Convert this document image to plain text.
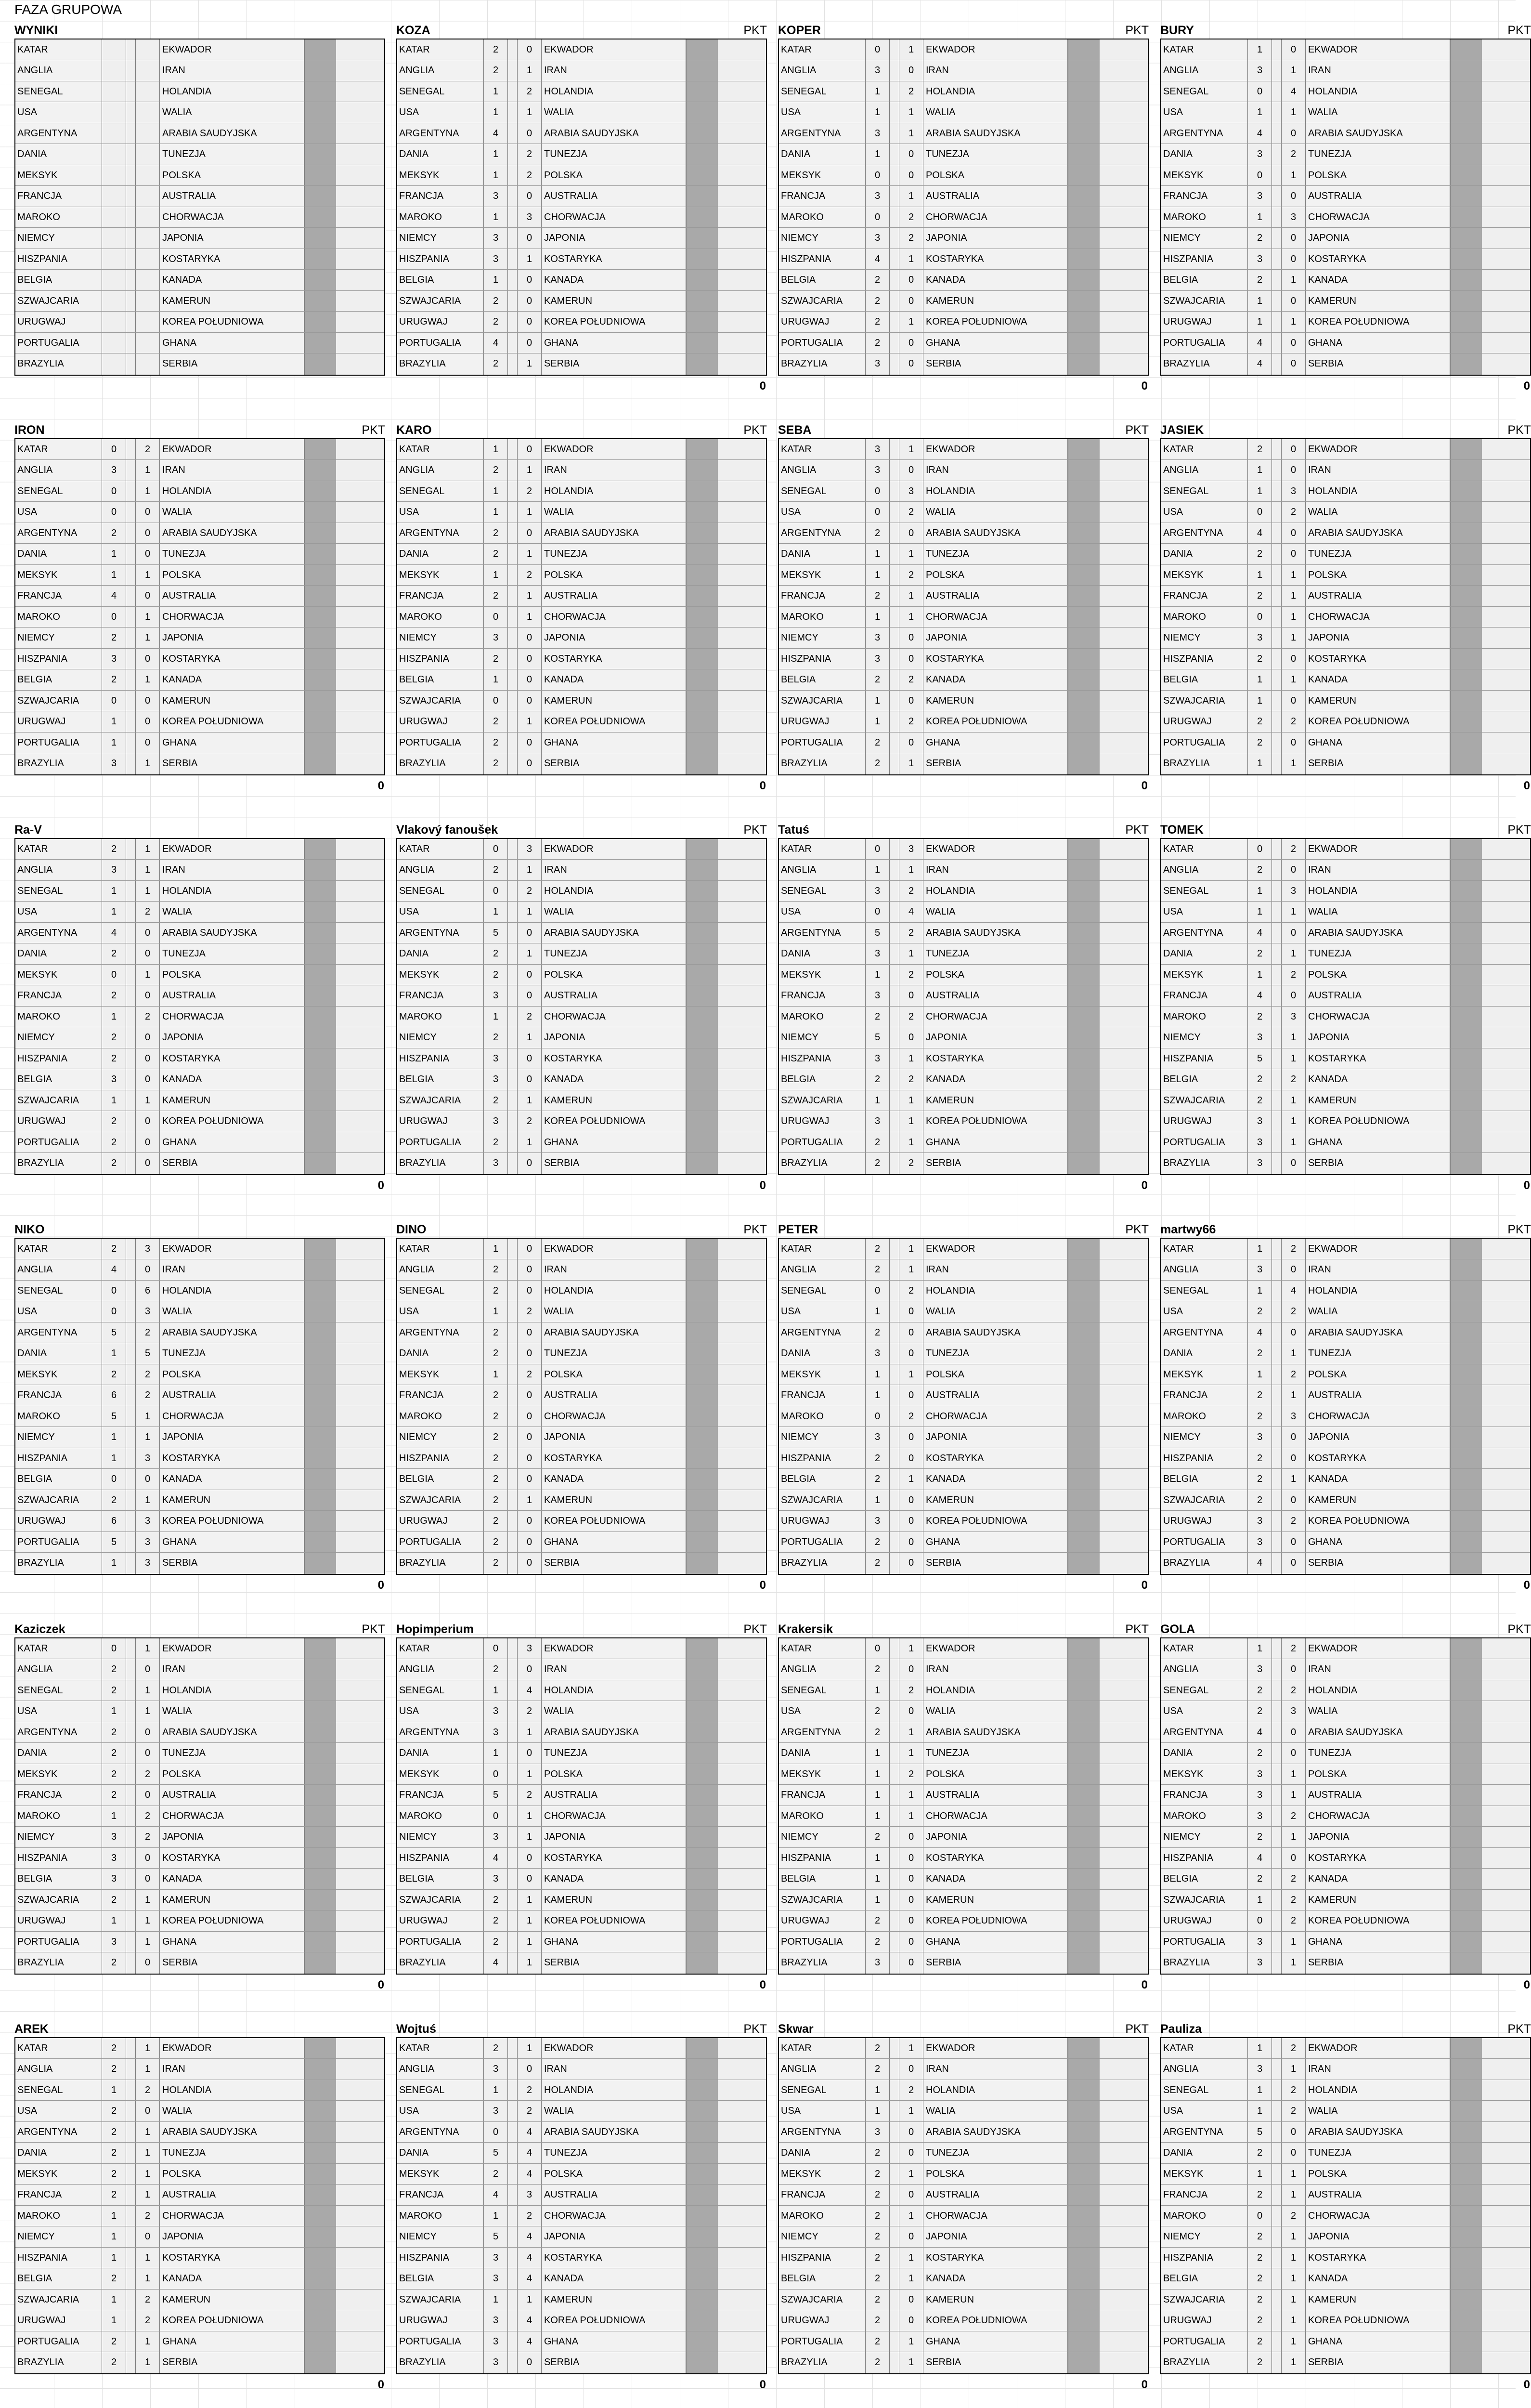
FAZA GRUPOWA
WYNIKI
KATAR	EKWADOR
ANGLIA	IRAN
SENEGAL	HOLANDIA
USA	WALIA
ARGENTYNA	ARABIA SAUDYJSKA
DANIA	TUNEZJA
MEKSYK	POLSKA
FRANCJA	AUSTRALIA
MAROKO	CHORWACJA
NIEMCY	JAPONIA
HISZPANIA	KOSTARYKA
BELGIA	KANADA
SZWAJCARIA	KAMERUN
URUGWAJ	KOREA POŁUDNIOWA
PORTUGALIA	GHANA
BRAZYLIA	SERBIA
KOZA	PKT
KATAR	2	0	EKWADOR
ANGLIA	2	1	IRAN
SENEGAL	1	2	HOLANDIA
USA	1	1	WALIA
ARGENTYNA	4	0	ARABIA SAUDYJSKA
DANIA	1	2	TUNEZJA
MEKSYK	1	2	POLSKA
FRANCJA	3	0	AUSTRALIA
MAROKO	1	3	CHORWACJA
NIEMCY	3	0	JAPONIA
HISZPANIA	3	1	KOSTARYKA
BELGIA	1	0	KANADA
SZWAJCARIA	2	0	KAMERUN
URUGWAJ	2	0	KOREA POŁUDNIOWA
PORTUGALIA	4	0	GHANA
BRAZYLIA	2	1	SERBIA
0
KOPER	PKT
KATAR	0	1	EKWADOR
ANGLIA	3	0	IRAN
SENEGAL	1	2	HOLANDIA
USA	1	1	WALIA
ARGENTYNA	3	1	ARABIA SAUDYJSKA
DANIA	1	0	TUNEZJA
MEKSYK	0	0	POLSKA
FRANCJA	3	1	AUSTRALIA
MAROKO	0	2	CHORWACJA
NIEMCY	3	2	JAPONIA
HISZPANIA	4	1	KOSTARYKA
BELGIA	2	0	KANADA
SZWAJCARIA	2	0	KAMERUN
URUGWAJ	2	1	KOREA POŁUDNIOWA
PORTUGALIA	2	0	GHANA
BRAZYLIA	3	0	SERBIA
0
BURY	PKT
KATAR	1	0	EKWADOR
ANGLIA	3	1	IRAN
SENEGAL	0	4	HOLANDIA
USA	1	1	WALIA
ARGENTYNA	4	0	ARABIA SAUDYJSKA
DANIA	3	2	TUNEZJA
MEKSYK	0	1	POLSKA
FRANCJA	3	0	AUSTRALIA
MAROKO	1	3	CHORWACJA
NIEMCY	2	0	JAPONIA
HISZPANIA	3	0	KOSTARYKA
BELGIA	2	1	KANADA
SZWAJCARIA	1	0	KAMERUN
URUGWAJ	1	1	KOREA POŁUDNIOWA
PORTUGALIA	4	0	GHANA
BRAZYLIA	4	0	SERBIA
0
IRON	PKT
KATAR	0	2	EKWADOR
ANGLIA	3	1	IRAN
SENEGAL	0	1	HOLANDIA
USA	0	0	WALIA
ARGENTYNA	2	0	ARABIA SAUDYJSKA
DANIA	1	0	TUNEZJA
MEKSYK	1	1	POLSKA
FRANCJA	4	0	AUSTRALIA
MAROKO	0	1	CHORWACJA
NIEMCY	2	1	JAPONIA
HISZPANIA	3	0	KOSTARYKA
BELGIA	2	1	KANADA
SZWAJCARIA	0	0	KAMERUN
URUGWAJ	1	0	KOREA POŁUDNIOWA
PORTUGALIA	1	0	GHANA
BRAZYLIA	3	1	SERBIA
0
KARO	PKT
KATAR	1	0	EKWADOR
ANGLIA	2	1	IRAN
SENEGAL	1	2	HOLANDIA
USA	1	1	WALIA
ARGENTYNA	2	0	ARABIA SAUDYJSKA
DANIA	2	1	TUNEZJA
MEKSYK	1	2	POLSKA
FRANCJA	2	1	AUSTRALIA
MAROKO	0	1	CHORWACJA
NIEMCY	3	0	JAPONIA
HISZPANIA	2	0	KOSTARYKA
BELGIA	1	0	KANADA
SZWAJCARIA	0	0	KAMERUN
URUGWAJ	2	1	KOREA POŁUDNIOWA
PORTUGALIA	2	0	GHANA
BRAZYLIA	2	0	SERBIA
0
SEBA	PKT
KATAR	3	1	EKWADOR
ANGLIA	3	0	IRAN
SENEGAL	0	3	HOLANDIA
USA	0	2	WALIA
ARGENTYNA	2	0	ARABIA SAUDYJSKA
DANIA	1	1	TUNEZJA
MEKSYK	1	2	POLSKA
FRANCJA	2	1	AUSTRALIA
MAROKO	1	1	CHORWACJA
NIEMCY	3	0	JAPONIA
HISZPANIA	3	0	KOSTARYKA
BELGIA	2	2	KANADA
SZWAJCARIA	1	0	KAMERUN
URUGWAJ	1	2	KOREA POŁUDNIOWA
PORTUGALIA	2	0	GHANA
BRAZYLIA	2	1	SERBIA
0
JASIEK	PKT
KATAR	2	0	EKWADOR
ANGLIA	1	0	IRAN
SENEGAL	1	3	HOLANDIA
USA	0	2	WALIA
ARGENTYNA	4	0	ARABIA SAUDYJSKA
DANIA	2	0	TUNEZJA
MEKSYK	1	1	POLSKA
FRANCJA	2	1	AUSTRALIA
MAROKO	0	1	CHORWACJA
NIEMCY	3	1	JAPONIA
HISZPANIA	2	0	KOSTARYKA
BELGIA	1	1	KANADA
SZWAJCARIA	1	0	KAMERUN
URUGWAJ	2	2	KOREA POŁUDNIOWA
PORTUGALIA	2	0	GHANA
BRAZYLIA	1	1	SERBIA
0
Ra-V
KATAR	2	1	EKWADOR
ANGLIA	3	1	IRAN
SENEGAL	1	1	HOLANDIA
USA	1	2	WALIA
ARGENTYNA	4	0	ARABIA SAUDYJSKA
DANIA	2	0	TUNEZJA
MEKSYK	0	1	POLSKA
FRANCJA	2	0	AUSTRALIA
MAROKO	1	2	CHORWACJA
NIEMCY	2	0	JAPONIA
HISZPANIA	2	0	KOSTARYKA
BELGIA	3	0	KANADA
SZWAJCARIA	1	1	KAMERUN
URUGWAJ	2	0	KOREA POŁUDNIOWA
PORTUGALIA	2	0	GHANA
BRAZYLIA	2	0	SERBIA
0
Vlakový fanoušek	PKT
KATAR	0	3	EKWADOR
ANGLIA	2	1	IRAN
SENEGAL	0	2	HOLANDIA
USA	1	1	WALIA
ARGENTYNA	5	0	ARABIA SAUDYJSKA
DANIA	2	1	TUNEZJA
MEKSYK	2	0	POLSKA
FRANCJA	3	0	AUSTRALIA
MAROKO	1	2	CHORWACJA
NIEMCY	2	1	JAPONIA
HISZPANIA	3	0	KOSTARYKA
BELGIA	3	0	KANADA
SZWAJCARIA	2	1	KAMERUN
URUGWAJ	3	2	KOREA POŁUDNIOWA
PORTUGALIA	2	1	GHANA
BRAZYLIA	3	0	SERBIA
0
Tatuś	PKT
KATAR	0	3	EKWADOR
ANGLIA	1	1	IRAN
SENEGAL	3	2	HOLANDIA
USA	0	4	WALIA
ARGENTYNA	5	2	ARABIA SAUDYJSKA
DANIA	3	1	TUNEZJA
MEKSYK	1	2	POLSKA
FRANCJA	3	0	AUSTRALIA
MAROKO	2	2	CHORWACJA
NIEMCY	5	0	JAPONIA
HISZPANIA	3	1	KOSTARYKA
BELGIA	2	2	KANADA
SZWAJCARIA	1	1	KAMERUN
URUGWAJ	3	1	KOREA POŁUDNIOWA
PORTUGALIA	2	1	GHANA
BRAZYLIA	2	2	SERBIA
0
TOMEK	PKT
KATAR	0	2	EKWADOR
ANGLIA	2	0	IRAN
SENEGAL	1	3	HOLANDIA
USA	1	1	WALIA
ARGENTYNA	4	0	ARABIA SAUDYJSKA
DANIA	2	1	TUNEZJA
MEKSYK	1	2	POLSKA
FRANCJA	4	0	AUSTRALIA
MAROKO	2	3	CHORWACJA
NIEMCY	3	1	JAPONIA
HISZPANIA	5	1	KOSTARYKA
BELGIA	2	2	KANADA
SZWAJCARIA	2	1	KAMERUN
URUGWAJ	3	1	KOREA POŁUDNIOWA
PORTUGALIA	3	1	GHANA
BRAZYLIA	3	0	SERBIA
0
NIKO
KATAR	2	3	EKWADOR
ANGLIA	4	0	IRAN
SENEGAL	0	6	HOLANDIA
USA	0	3	WALIA
ARGENTYNA	5	2	ARABIA SAUDYJSKA
DANIA	1	5	TUNEZJA
MEKSYK	2	2	POLSKA
FRANCJA	6	2	AUSTRALIA
MAROKO	5	1	CHORWACJA
NIEMCY	1	1	JAPONIA
HISZPANIA	1	3	KOSTARYKA
BELGIA	0	0	KANADA
SZWAJCARIA	2	1	KAMERUN
URUGWAJ	6	3	KOREA POŁUDNIOWA
PORTUGALIA	5	3	GHANA
BRAZYLIA	1	3	SERBIA
0
DINO	PKT
KATAR	1	0	EKWADOR
ANGLIA	2	0	IRAN
SENEGAL	2	0	HOLANDIA
USA	1	2	WALIA
ARGENTYNA	2	0	ARABIA SAUDYJSKA
DANIA	2	0	TUNEZJA
MEKSYK	1	2	POLSKA
FRANCJA	2	0	AUSTRALIA
MAROKO	2	0	CHORWACJA
NIEMCY	2	0	JAPONIA
HISZPANIA	2	0	KOSTARYKA
BELGIA	2	0	KANADA
SZWAJCARIA	2	1	KAMERUN
URUGWAJ	2	0	KOREA POŁUDNIOWA
PORTUGALIA	2	0	GHANA
BRAZYLIA	2	0	SERBIA
0
PETER	PKT
KATAR	2	1	EKWADOR
ANGLIA	2	1	IRAN
SENEGAL	0	2	HOLANDIA
USA	1	0	WALIA
ARGENTYNA	2	0	ARABIA SAUDYJSKA
DANIA	3	0	TUNEZJA
MEKSYK	1	1	POLSKA
FRANCJA	1	0	AUSTRALIA
MAROKO	0	2	CHORWACJA
NIEMCY	3	0	JAPONIA
HISZPANIA	2	0	KOSTARYKA
BELGIA	2	1	KANADA
SZWAJCARIA	1	0	KAMERUN
URUGWAJ	3	0	KOREA POŁUDNIOWA
PORTUGALIA	2	0	GHANA
BRAZYLIA	2	0	SERBIA
0
martwy66	PKT
KATAR	1	2	EKWADOR
ANGLIA	3	0	IRAN
SENEGAL	1	4	HOLANDIA
USA	2	2	WALIA
ARGENTYNA	4	0	ARABIA SAUDYJSKA
DANIA	2	1	TUNEZJA
MEKSYK	1	2	POLSKA
FRANCJA	2	1	AUSTRALIA
MAROKO	2	3	CHORWACJA
NIEMCY	3	0	JAPONIA
HISZPANIA	2	0	KOSTARYKA
BELGIA	2	1	KANADA
SZWAJCARIA	2	0	KAMERUN
URUGWAJ	3	2	KOREA POŁUDNIOWA
PORTUGALIA	3	0	GHANA
BRAZYLIA	4	0	SERBIA
0
Kaziczek	PKT
KATAR	0	1	EKWADOR
ANGLIA	2	0	IRAN
SENEGAL	2	1	HOLANDIA
USA	1	1	WALIA
ARGENTYNA	2	0	ARABIA SAUDYJSKA
DANIA	2	0	TUNEZJA
MEKSYK	2	2	POLSKA
FRANCJA	2	0	AUSTRALIA
MAROKO	1	2	CHORWACJA
NIEMCY	3	2	JAPONIA
HISZPANIA	3	0	KOSTARYKA
BELGIA	3	0	KANADA
SZWAJCARIA	2	1	KAMERUN
URUGWAJ	1	1	KOREA POŁUDNIOWA
PORTUGALIA	3	1	GHANA
BRAZYLIA	2	0	SERBIA
0
Hopimperium	PKT
KATAR	0	3	EKWADOR
ANGLIA	2	0	IRAN
SENEGAL	1	4	HOLANDIA
USA	3	2	WALIA
ARGENTYNA	3	1	ARABIA SAUDYJSKA
DANIA	1	0	TUNEZJA
MEKSYK	0	1	POLSKA
FRANCJA	5	2	AUSTRALIA
MAROKO	0	1	CHORWACJA
NIEMCY	3	1	JAPONIA
HISZPANIA	4	0	KOSTARYKA
BELGIA	3	0	KANADA
SZWAJCARIA	2	1	KAMERUN
URUGWAJ	2	1	KOREA POŁUDNIOWA
PORTUGALIA	2	1	GHANA
BRAZYLIA	4	1	SERBIA
0
Krakersik	PKT
KATAR	0	1	EKWADOR
ANGLIA	2	0	IRAN
SENEGAL	1	2	HOLANDIA
USA	2	0	WALIA
ARGENTYNA	2	1	ARABIA SAUDYJSKA
DANIA	1	1	TUNEZJA
MEKSYK	1	2	POLSKA
FRANCJA	1	1	AUSTRALIA
MAROKO	1	1	CHORWACJA
NIEMCY	2	0	JAPONIA
HISZPANIA	1	0	KOSTARYKA
BELGIA	1	0	KANADA
SZWAJCARIA	1	0	KAMERUN
URUGWAJ	2	0	KOREA POŁUDNIOWA
PORTUGALIA	2	0	GHANA
BRAZYLIA	3	0	SERBIA
0
GOLA	PKT
KATAR	1	2	EKWADOR
ANGLIA	3	0	IRAN
SENEGAL	2	2	HOLANDIA
USA	2	3	WALIA
ARGENTYNA	4	0	ARABIA SAUDYJSKA
DANIA	2	0	TUNEZJA
MEKSYK	3	1	POLSKA
FRANCJA	3	1	AUSTRALIA
MAROKO	3	2	CHORWACJA
NIEMCY	2	1	JAPONIA
HISZPANIA	4	0	KOSTARYKA
BELGIA	2	2	KANADA
SZWAJCARIA	1	2	KAMERUN
URUGWAJ	0	2	KOREA POŁUDNIOWA
PORTUGALIA	3	1	GHANA
BRAZYLIA	3	1	SERBIA
0
AREK
KATAR	2	1	EKWADOR
ANGLIA	2	1	IRAN
SENEGAL	1	2	HOLANDIA
USA	2	0	WALIA
ARGENTYNA	2	1	ARABIA SAUDYJSKA
DANIA	2	1	TUNEZJA
MEKSYK	2	1	POLSKA
FRANCJA	2	1	AUSTRALIA
MAROKO	1	2	CHORWACJA
NIEMCY	1	0	JAPONIA
HISZPANIA	1	1	KOSTARYKA
BELGIA	2	1	KANADA
SZWAJCARIA	1	2	KAMERUN
URUGWAJ	1	2	KOREA POŁUDNIOWA
PORTUGALIA	2	1	GHANA
BRAZYLIA	2	1	SERBIA
0
Wojtuś	PKT
KATAR	2	1	EKWADOR
ANGLIA	3	0	IRAN
SENEGAL	1	2	HOLANDIA
USA	3	2	WALIA
ARGENTYNA	0	4	ARABIA SAUDYJSKA
DANIA	5	4	TUNEZJA
MEKSYK	2	4	POLSKA
FRANCJA	4	3	AUSTRALIA
MAROKO	1	2	CHORWACJA
NIEMCY	5	4	JAPONIA
HISZPANIA	3	4	KOSTARYKA
BELGIA	3	4	KANADA
SZWAJCARIA	1	1	KAMERUN
URUGWAJ	3	4	KOREA POŁUDNIOWA
PORTUGALIA	3	4	GHANA
BRAZYLIA	3	0	SERBIA
0
Skwar	PKT
KATAR	2	1	EKWADOR
ANGLIA	2	0	IRAN
SENEGAL	1	2	HOLANDIA
USA	1	1	WALIA
ARGENTYNA	3	0	ARABIA SAUDYJSKA
DANIA	2	0	TUNEZJA
MEKSYK	2	1	POLSKA
FRANCJA	2	0	AUSTRALIA
MAROKO	2	1	CHORWACJA
NIEMCY	2	0	JAPONIA
HISZPANIA	2	1	KOSTARYKA
BELGIA	2	1	KANADA
SZWAJCARIA	2	0	KAMERUN
URUGWAJ	2	0	KOREA POŁUDNIOWA
PORTUGALIA	2	1	GHANA
BRAZYLIA	2	1	SERBIA
0
Pauliza	PKT
KATAR	1	2	EKWADOR
ANGLIA	3	1	IRAN
SENEGAL	1	2	HOLANDIA
USA	1	2	WALIA
ARGENTYNA	5	0	ARABIA SAUDYJSKA
DANIA	2	0	TUNEZJA
MEKSYK	1	1	POLSKA
FRANCJA	2	1	AUSTRALIA
MAROKO	0	2	CHORWACJA
NIEMCY	2	1	JAPONIA
HISZPANIA	2	1	KOSTARYKA
BELGIA	2	1	KANADA
SZWAJCARIA	2	1	KAMERUN
URUGWAJ	2	1	KOREA POŁUDNIOWA
PORTUGALIA	2	1	GHANA
BRAZYLIA	2	1	SERBIA
0
